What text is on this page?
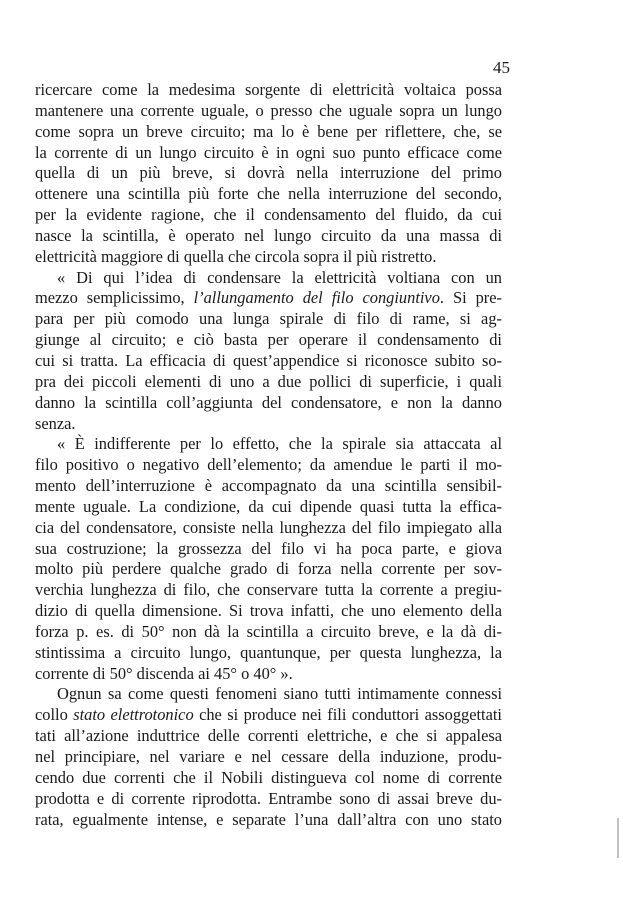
45
ricercare come la medesima sorgente di elettricità voltaica possa
mantenere una corrente uguale, o presso che uguale sopra un lungo
come sopra un breve circuito; ma lo è bene per riflettere, che, se
la corrente di un lungo circuito è in ogni suo punto efficace come
quella di un più breve, si dovrà nella interruzione del primo
ottenere una scintilla più forte che nella interruzione del secondo,
per la evidente ragione, che il condensamento del fluido, da cui
nasce la scintilla, è operato nel lungo circuito da una massa di
elettricità maggiore di quella che circola sopra il più ristretto.
« Di qui l’idea di condensare la elettricità voltiana con un
mezzo semplicissimo, l’allungamento del filo congiuntivo. Si pre-
para per più comodo una lunga spirale di filo di rame, si ag-
giunge al circuito; e ciò basta per operare il condensamento di
cui si tratta. La efficacia di quest’appendice si riconosce subito so-
pra dei piccoli elementi di uno a due pollici di superficie, i quali
danno la scintilla coll’aggiunta del condensatore, e non la danno
senza.
« È indifferente per lo effetto, che la spirale sia attaccata al
filo positivo o negativo dell’elemento; da amendue le parti il mo-
mento dell’interruzione è accompagnato da una scintilla sensibil-
mente uguale. La condizione, da cui dipende quasi tutta la effica-
cia del condensatore, consiste nella lunghezza del filo impiegato alla
sua costruzione; la grossezza del filo vi ha poca parte, e giova
molto più perdere qualche grado di forza nella corrente per sov-
verchia lunghezza di filo, che conservare tutta la corrente a pregiu-
dizio di quella dimensione. Si trova infatti, che uno elemento della
forza p. es. di 50° non dà la scintilla a circuito breve, e la dà di-
stintissima a circuito lungo, quantunque, per questa lunghezza, la
corrente di 50° discenda ai 45° o 40° ».
Ognun sa come questi fenomeni siano tutti intimamente connessi
collo stato elettrotonico che si produce nei fili conduttori assoggettati
tati all’azione induttrice delle correnti elettriche, e che si appalesa
nel principiare, nel variare e nel cessare della induzione, produ-
cendo due correnti che il Nobili distingueva col nome di corrente
prodotta e di corrente riprodotta. Entrambe sono di assai breve du-
rata, egualmente intense, e separate l’una dall’altra con uno stato
